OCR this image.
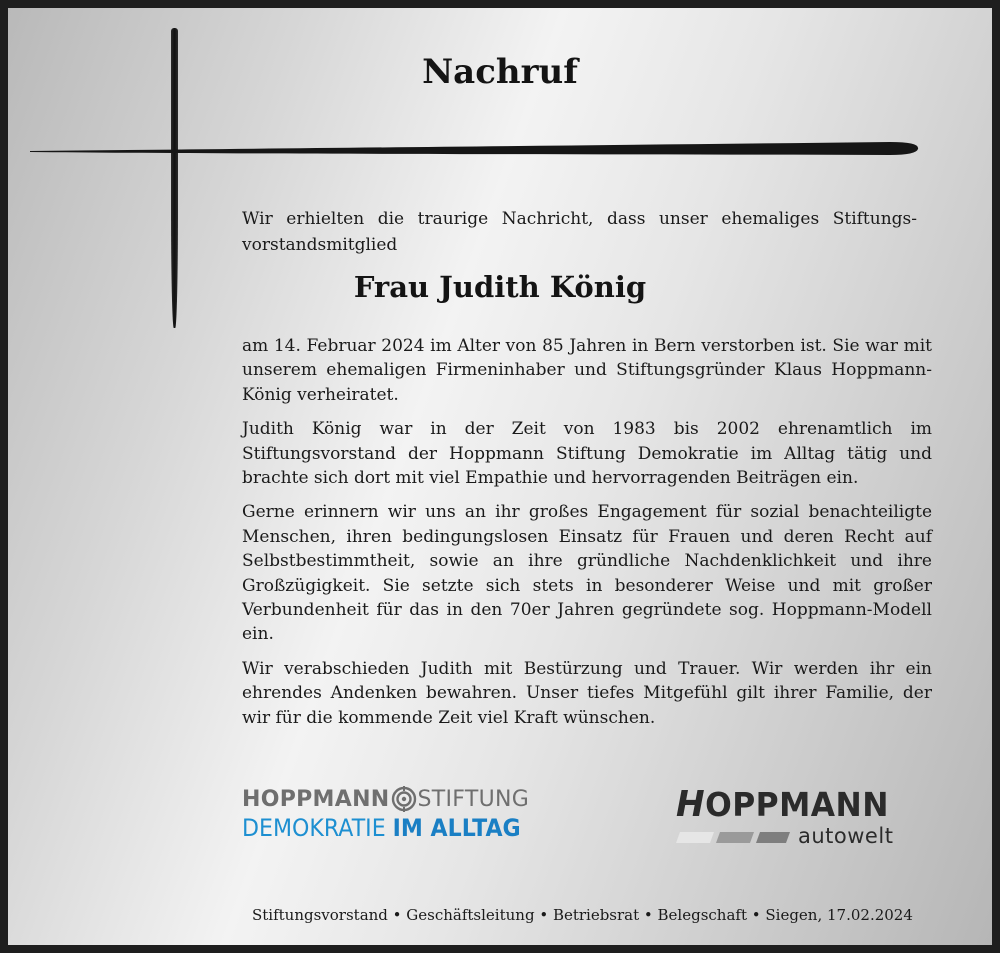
Nachruf
Wir erhielten die traurige Nachricht, dass unser ehemaliges Stiftungs-
vorstandsmitglied
Frau Judith König

am 14. Februar 2024 im Alter von 85 Jahren in Bern verstorben ist. Sie war mit unserem ehemaligen Firmeninhaber und Stiftungsgründer Klaus Hoppmann-König verheiratet.

Judith König war in der Zeit von 1983 bis 2002 ehrenamtlich im Stiftungsvorstand der Hoppmann Stiftung Demokratie im Alltag tätig und brachte sich dort mit viel Empathie und hervorragenden Beiträgen ein.

Gerne erinnern wir uns an ihr großes Engagement für sozial benachteiligte Menschen, ihren bedingungslosen Einsatz für Frauen und deren Recht auf Selbstbestimmtheit, sowie an ihre gründliche Nachdenklichkeit und ihre Großzügigkeit. Sie setzte sich stets in besonderer Weise und mit großer Verbundenheit für das in den 70er Jahren gegründete sog. Hoppmann-Modell ein.

Wir verabschieden Judith mit Bestürzung und Trauer. Wir werden ihr ein ehrendes Andenken bewahren. Unser tiefes Mitgefühl gilt ihrer Familie, der wir für die kommende Zeit viel Kraft wünschen.

HOPPMANN STIFTUNG
DEMOKRATIE IM ALLTAG
HOPPMANN
autowelt
Stiftungsvorstand • Geschäftsleitung • Betriebsrat • Belegschaft • Siegen, 17.02.2024
